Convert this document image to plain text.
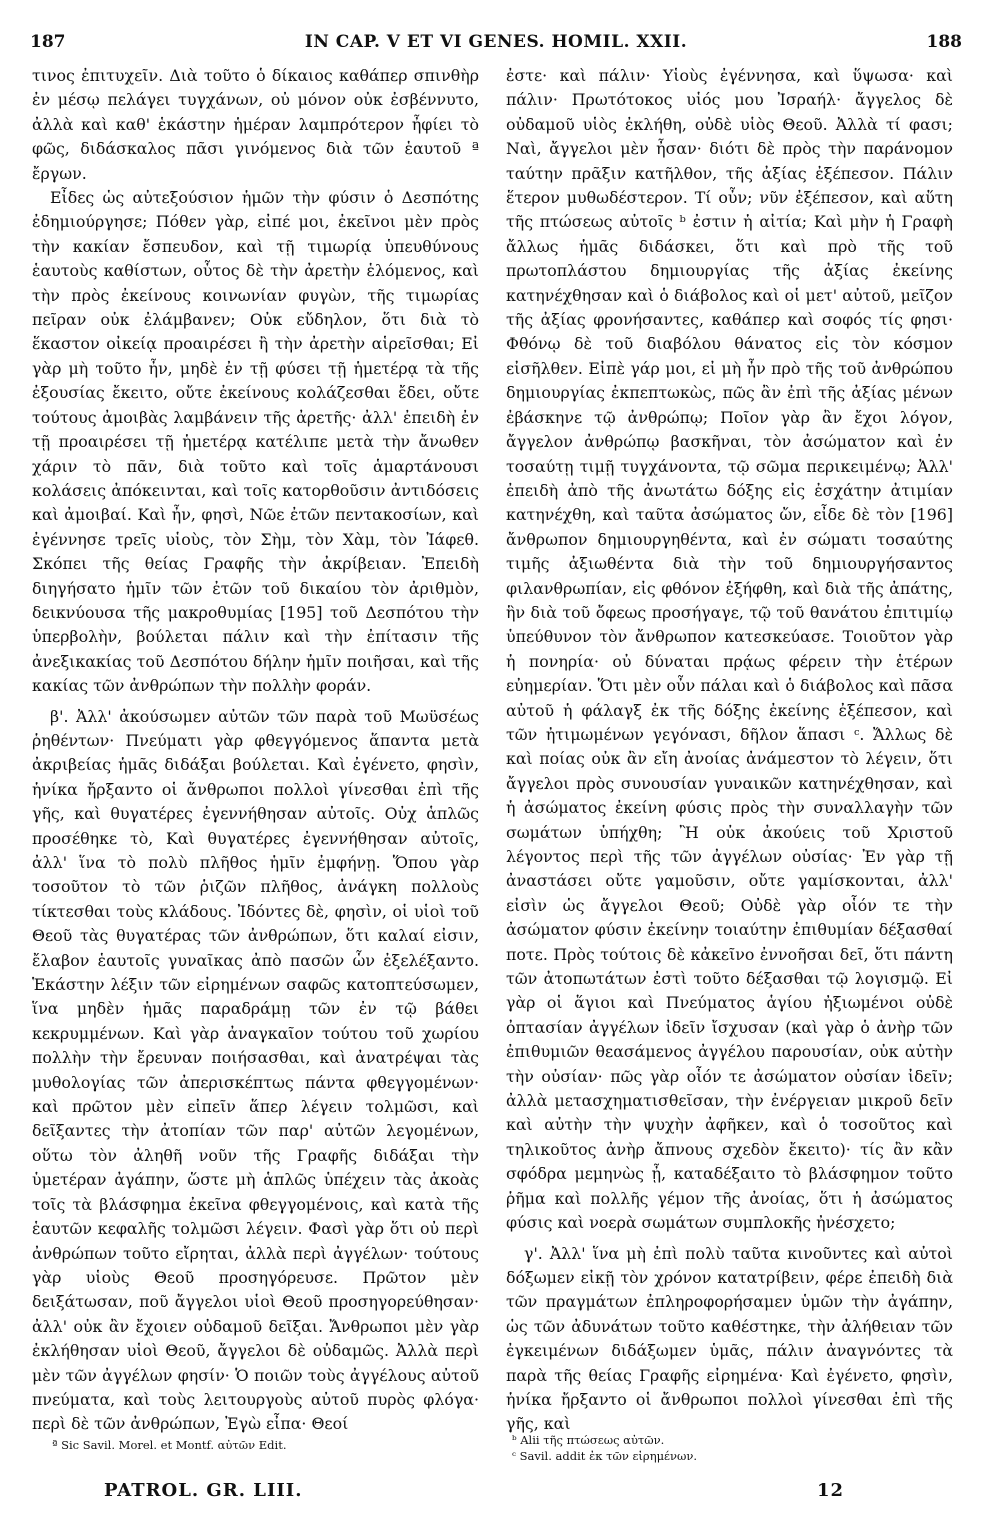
187	IN CAP. V ET VI GENES. HOMIL. XXII.	188

τινος ἐπιτυχεῖν. Διὰ τοῦτο ὁ δίκαιος καθάπερ σπινθὴρ ἐν μέσῳ πελάγει τυγχάνων, οὐ μόνον οὐκ ἐσβέννυτο, ἀλλὰ καὶ καθ' ἑκάστην ἡμέραν λαμπρότερον ἦφίει τὸ φῶς, διδάσκαλος πᾶσι γινόμενος διὰ τῶν ἑαυτοῦ ª ἔργων.

Εἶδες ὡς αὐτεξούσιον ἡμῶν τὴν φύσιν ὁ Δεσπότης ἐδημιούργησε; Πόθεν γὰρ, εἰπέ μοι, ἐκεῖνοι μὲν πρὸς τὴν κακίαν ἔσπευδον, καὶ τῇ τιμωρίᾳ ὑπευθύνους ἑαυτοὺς καθίστων, οὗτος δὲ τὴν ἀρετὴν ἑλόμενος, καὶ τὴν πρὸς ἐκείνους κοινωνίαν φυγὼν, τῆς τιμωρίας πεῖραν οὐκ ἐλάμβανεν; Οὐκ εὔδηλον, ὅτι διὰ τὸ ἕκαστον οἰκείᾳ προαιρέσει ἢ τὴν ἀρετὴν αἱρεῖσθαι; Εἰ γὰρ μὴ τοῦτο ἦν, μηδὲ ἐν τῇ φύσει τῇ ἡμετέρᾳ τὰ τῆς ἐξουσίας ἔκειτο, οὔτε ἐκείνους κολάζεσθαι ἔδει, οὔτε τούτους ἀμοιβὰς λαμβάνειν τῆς ἀρετῆς· ἀλλ' ἐπειδὴ ἐν τῇ προαιρέσει τῇ ἡμετέρᾳ κατέλιπε μετὰ τὴν ἄνωθεν χάριν τὸ πᾶν, διὰ τοῦτο καὶ τοῖς ἁμαρτάνουσι κολάσεις ἀπόκεινται, καὶ τοῖς κατορθοῦσιν ἀντιδόσεις καὶ ἀμοιβαί. Καὶ ἦν, φησὶ, Νῶε ἐτῶν πεντακοσίων, καὶ ἐγέννησε τρεῖς υἱοὺς, τὸν Σὴμ, τὸν Χὰμ, τὸν Ἰάφεθ. Σκόπει τῆς θείας Γραφῆς τὴν ἀκρίβειαν. Ἐπειδὴ διηγήσατο ἡμῖν τῶν ἐτῶν τοῦ δικαίου τὸν ἀριθμὸν, δεικνύουσα τῆς μακροθυμίας [195] τοῦ Δεσπότου τὴν ὑπερβολὴν, βούλεται πάλιν καὶ τὴν ἐπίτασιν τῆς ἀνεξικακίας τοῦ Δεσπότου δήλην ἡμῖν ποιῆσαι, καὶ τῆς κακίας τῶν ἀνθρώπων τὴν πολλὴν φοράν.

β'. Ἀλλ' ἀκούσωμεν αὐτῶν τῶν παρὰ τοῦ Μωϋσέως ῥηθέντων· Πνεύματι γὰρ φθεγγόμενος ἅπαντα μετὰ ἀκριβείας ἡμᾶς διδάξαι βούλεται. Καὶ ἐγένετο, φησὶν, ἡνίκα ἤρξαντο οἱ ἄνθρωποι πολλοὶ γίνεσθαι ἐπὶ τῆς γῆς, καὶ θυγατέρες ἐγεννήθησαν αὐτοῖς. Οὐχ ἁπλῶς προσέθηκε τὸ, Καὶ θυγατέρες ἐγεννήθησαν αὐτοῖς, ἀλλ' ἵνα τὸ πολὺ πλῆθος ἡμῖν ἐμφήνῃ. Ὅπου γὰρ τοσοῦτον τὸ τῶν ῥιζῶν πλῆθος, ἀνάγκη πολλοὺς τίκτεσθαι τοὺς κλάδους. Ἰδόντες δὲ, φησὶν, οἱ υἱοὶ τοῦ Θεοῦ τὰς θυγατέρας τῶν ἀνθρώπων, ὅτι καλαί εἰσιν, ἔλαβον ἑαυτοῖς γυναῖκας ἀπὸ πασῶν ὧν ἐξελέξαντο. Ἑκάστην λέξιν τῶν εἰρημένων σαφῶς κατοπτεύσωμεν, ἵνα μηδὲν ἡμᾶς παραδράμῃ τῶν ἐν τῷ βάθει κεκρυμμένων. Καὶ γὰρ ἀναγκαῖον τούτου τοῦ χωρίου πολλὴν τὴν ἔρευναν ποιήσασθαι, καὶ ἀνατρέψαι τὰς μυθολογίας τῶν ἀπερισκέπτως πάντα φθεγγομένων· καὶ πρῶτον μὲν εἰπεῖν ἅπερ λέγειν τολμῶσι, καὶ δεῖξαντες τὴν ἀτοπίαν τῶν παρ' αὐτῶν λεγομένων, οὕτω τὸν ἀληθῆ νοῦν τῆς Γραφῆς διδάξαι τὴν ὑμετέραν ἀγάπην, ὥστε μὴ ἁπλῶς ὑπέχειν τὰς ἀκοὰς τοῖς τὰ βλάσφημα ἐκεῖνα φθεγγομένοις, καὶ κατὰ τῆς ἑαυτῶν κεφαλῆς τολμῶσι λέγειν. Φασὶ γὰρ ὅτι οὐ περὶ ἀνθρώπων τοῦτο εἴρηται, ἀλλὰ περὶ ἀγγέλων· τούτους γὰρ υἱοὺς Θεοῦ προσηγόρευσε. Πρῶτον μὲν δειξάτωσαν, ποῦ ἄγγελοι υἱοὶ Θεοῦ προσηγορεύθησαν· ἀλλ' οὐκ ἂν ἔχοιεν οὐδαμοῦ δεῖξαι. Ἄνθρωποι μὲν γὰρ ἐκλήθησαν υἱοὶ Θεοῦ, ἄγγελοι δὲ οὐδαμῶς. Ἀλλὰ περὶ μὲν τῶν ἀγγέλων φησίν· Ὁ ποιῶν τοὺς ἀγγέλους αὐτοῦ πνεύματα, καὶ τοὺς λειτουργοὺς αὐτοῦ πυρὸς φλόγα· περὶ δὲ τῶν ἀνθρώπων, Ἐγὼ εἶπα· Θεοί

ἐστε· καὶ πάλιν· Υἱοὺς ἐγέννησα, καὶ ὕψωσα· καὶ πάλιν· Πρωτότοκος υἱός μου Ἰσραήλ· ἄγγελος δὲ οὐδαμοῦ υἱὸς ἐκλήθη, οὐδὲ υἱὸς Θεοῦ. Ἀλλὰ τί φασι; Ναὶ, ἄγγελοι μὲν ἦσαν· διότι δὲ πρὸς τὴν παράνομον ταύτην πρᾶξιν κατῆλθον, τῆς ἀξίας ἐξέπεσον. Πάλιν ἕτερον μυθωδέστερον. Τί οὖν; νῦν ἐξέπεσον, καὶ αὕτη τῆς πτώσεως αὐτοῖς ᵇ ἐστιν ἡ αἰτία; Καὶ μὴν ἡ Γραφὴ ἄλλως ἡμᾶς διδάσκει, ὅτι καὶ πρὸ τῆς τοῦ πρωτοπλάστου δημιουργίας τῆς ἀξίας ἐκείνης κατηνέχθησαν καὶ ὁ διάβολος καὶ οἱ μετ' αὐτοῦ, μεῖζον τῆς ἀξίας φρονήσαντες, καθάπερ καὶ σοφός τίς φησι· Φθόνῳ δὲ τοῦ διαβόλου θάνατος εἰς τὸν κόσμον εἰσῆλθεν. Εἰπὲ γάρ μοι, εἰ μὴ ἦν πρὸ τῆς τοῦ ἀνθρώπου δημιουργίας ἐκπεπτωκὼς, πῶς ἂν ἐπὶ τῆς ἀξίας μένων ἐβάσκηνε τῷ ἀνθρώπῳ; Ποῖον γὰρ ἂν ἔχοι λόγον, ἄγγελον ἀνθρώπῳ βασκῆναι, τὸν ἀσώματον καὶ ἐν τοσαύτῃ τιμῇ τυγχάνοντα, τῷ σῶμα περικειμένῳ; Ἀλλ' ἐπειδὴ ἀπὸ τῆς ἀνωτάτω δόξης εἰς ἐσχάτην ἀτιμίαν κατηνέχθη, καὶ ταῦτα ἀσώματος ὤν, εἶδε δὲ τὸν [196] ἄνθρωπον δημιουργηθέντα, καὶ ἐν σώματι τοσαύτης τιμῆς ἀξιωθέντα διὰ τὴν τοῦ δημιουργήσαντος φιλανθρωπίαν, εἰς φθόνον ἐξήφθη, καὶ διὰ τῆς ἀπάτης, ἣν διὰ τοῦ ὄφεως προσήγαγε, τῷ τοῦ θανάτου ἐπιτιμίῳ ὑπεύθυνον τὸν ἄνθρωπον κατεσκεύασε. Τοιοῦτον γὰρ ἡ πονηρία· οὐ δύναται πρᾴως φέρειν τὴν ἑτέρων εὐημερίαν. Ὅτι μὲν οὖν πάλαι καὶ ὁ διάβολος καὶ πᾶσα αὐτοῦ ἡ φάλαγξ ἐκ τῆς δόξης ἐκείνης ἐξέπεσον, καὶ τῶν ἠτιμωμένων γεγόνασι, δῆλον ἅπασι ᶜ. Ἄλλως δὲ καὶ ποίας οὐκ ἂν εἴη ἀνοίας ἀνάμεστον τὸ λέγειν, ὅτι ἄγγελοι πρὸς συνουσίαν γυναικῶν κατηνέχθησαν, καὶ ἡ ἀσώματος ἐκείνη φύσις πρὸς τὴν συναλλαγὴν τῶν σωμάτων ὑπήχθη; Ἢ οὐκ ἀκούεις τοῦ Χριστοῦ λέγοντος περὶ τῆς τῶν ἀγγέλων οὐσίας· Ἐν γὰρ τῇ ἀναστάσει οὔτε γαμοῦσιν, οὔτε γαμίσκονται, ἀλλ' εἰσὶν ὡς ἄγγελοι Θεοῦ; Οὐδὲ γὰρ οἷόν τε τὴν ἀσώματον φύσιν ἐκείνην τοιαύτην ἐπιθυμίαν δέξασθαί ποτε. Πρὸς τούτοις δὲ κἀκεῖνο ἐννοῆσαι δεῖ, ὅτι πάντη τῶν ἀτοπωτάτων ἐστὶ τοῦτο δέξασθαι τῷ λογισμῷ. Εἰ γὰρ οἱ ἅγιοι καὶ Πνεύματος ἁγίου ἠξιωμένοι οὐδὲ ὀπτασίαν ἀγγέλων ἰδεῖν ἴσχυσαν (καὶ γὰρ ὁ ἀνὴρ τῶν ἐπιθυμιῶν θεασάμενος ἀγγέλου παρουσίαν, οὐκ αὐτὴν τὴν οὐσίαν· πῶς γὰρ οἷόν τε ἀσώματον οὐσίαν ἰδεῖν; ἀλλὰ μετασχηματισθεῖσαν, τὴν ἐνέργειαν μικροῦ δεῖν καὶ αὐτὴν τὴν ψυχὴν ἀφῆκεν, καὶ ὁ τοσοῦτος καὶ τηλικοῦτος ἀνὴρ ἄπνους σχεδὸν ἔκειτο)· τίς ἂν κἂν σφόδρα μεμηνὼς ᾖ, καταδέξαιτο τὸ βλάσφημον τοῦτο ῥῆμα καὶ πολλῆς γέμον τῆς ἀνοίας, ὅτι ἡ ἀσώματος φύσις καὶ νοερὰ σωμάτων συμπλοκῆς ἠνέσχετο;

γ'. Ἀλλ' ἵνα μὴ ἐπὶ πολὺ ταῦτα κινοῦντες καὶ αὐτοὶ δόξωμεν εἰκῇ τὸν χρόνον κατατρίβειν, φέρε ἐπειδὴ διὰ τῶν πραγμάτων ἐπληροφορήσαμεν ὑμῶν τὴν ἀγάπην, ὡς τῶν ἀδυνάτων τοῦτο καθέστηκε, τὴν ἀλήθειαν τῶν ἐγκειμένων διδάξωμεν ὑμᾶς, πάλιν ἀναγνόντες τὰ παρὰ τῆς θείας Γραφῆς εἰρημένα· Καὶ ἐγένετο, φησὶν, ἡνίκα ἤρξαντο οἱ ἄνθρωποι πολλοὶ γίνεσθαι ἐπὶ τῆς γῆς, καὶ

ª Sic Savil. Morel. et Montf. αὐτῶν Edit.	ᵇ Alii τῆς πτώσεως αὐτῶν.
ᶜ Savil. addit ἐκ τῶν εἰρημένων.
PATROL. GR. LIII.	12
